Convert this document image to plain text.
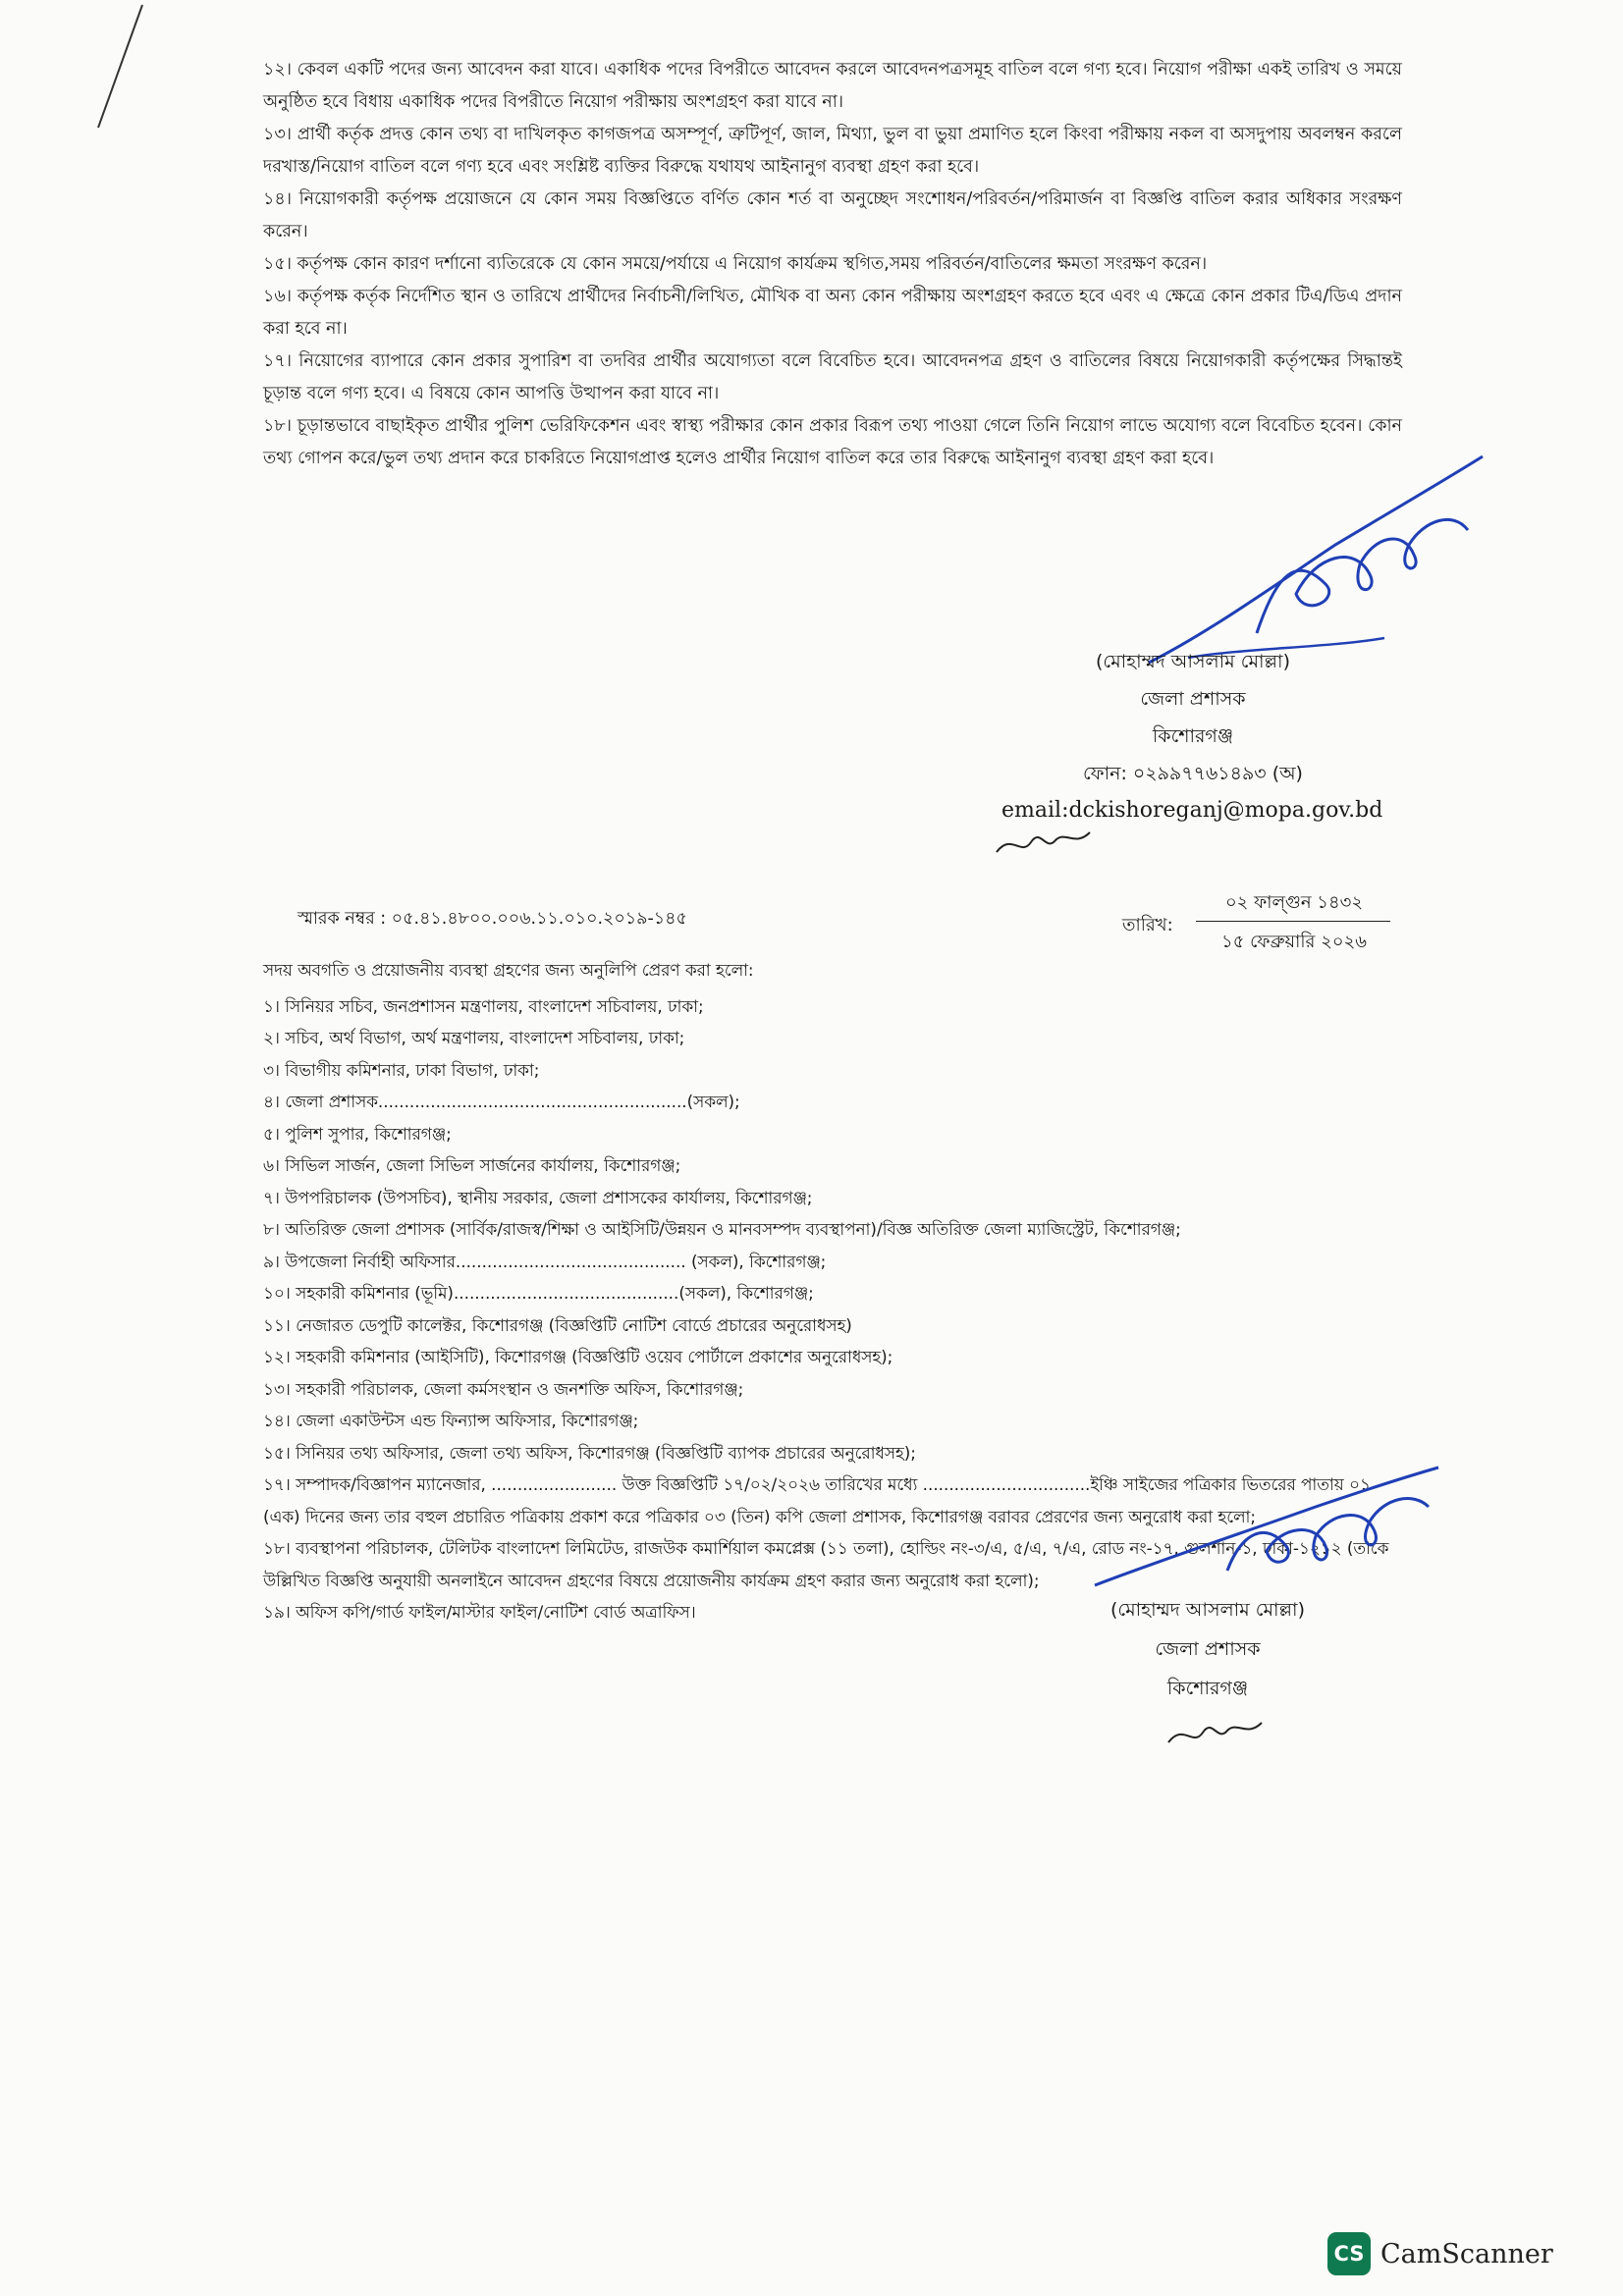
১২। কেবল একটি পদের জন্য আবেদন করা যাবে। একাধিক পদের বিপরীতে আবেদন করলে আবেদনপত্রসমূহ বাতিল বলে গণ্য হবে। নিয়োগ পরীক্ষা একই তারিখ ও সময়ে অনুষ্ঠিত হবে বিধায় একাধিক পদের বিপরীতে নিয়োগ পরীক্ষায় অংশগ্রহণ করা যাবে না।

১৩। প্রার্থী কর্তৃক প্রদত্ত কোন তথ্য বা দাখিলকৃত কাগজপত্র অসম্পূর্ণ, ত্রুটিপূর্ণ, জাল, মিথ্যা, ভুল বা ভুয়া প্রমাণিত হলে কিংবা পরীক্ষায় নকল বা অসদুপায় অবলম্বন করলে দরখাস্ত/নিয়োগ বাতিল বলে গণ্য হবে এবং সংশ্লিষ্ট ব্যক্তির বিরুদ্ধে যথাযথ আইনানুগ ব্যবস্থা গ্রহণ করা হবে।

১৪। নিয়োগকারী কর্তৃপক্ষ প্রয়োজনে যে কোন সময় বিজ্ঞপ্তিতে বর্ণিত কোন শর্ত বা অনুচ্ছেদ সংশোধন/পরিবর্তন/পরিমার্জন বা বিজ্ঞপ্তি বাতিল করার অধিকার সংরক্ষণ করেন।

১৫। কর্তৃপক্ষ কোন কারণ দর্শানো ব্যতিরেকে যে কোন সময়ে/পর্যায়ে এ নিয়োগ কার্যক্রম স্থগিত,সময় পরিবর্তন/বাতিলের ক্ষমতা সংরক্ষণ করেন।

১৬। কর্তৃপক্ষ কর্তৃক নির্দেশিত স্থান ও তারিখে প্রার্থীদের নির্বাচনী/লিখিত, মৌখিক বা অন্য কোন পরীক্ষায় অংশগ্রহণ করতে হবে এবং এ ক্ষেত্রে কোন প্রকার টিএ/ডিএ প্রদান করা হবে না।

১৭। নিয়োগের ব্যাপারে কোন প্রকার সুপারিশ বা তদবির প্রার্থীর অযোগ্যতা বলে বিবেচিত হবে। আবেদনপত্র গ্রহণ ও বাতিলের বিষয়ে নিয়োগকারী কর্তৃপক্ষের সিদ্ধান্তই চূড়ান্ত বলে গণ্য হবে। এ বিষয়ে কোন আপত্তি উত্থাপন করা যাবে না।

১৮। চূড়ান্তভাবে বাছাইকৃত প্রার্থীর পুলিশ ভেরিফিকেশন এবং স্বাস্থ্য পরীক্ষার কোন প্রকার বিরূপ তথ্য পাওয়া গেলে তিনি নিয়োগ লাভে অযোগ্য বলে বিবেচিত হবেন। কোন তথ্য গোপন করে/ভুল তথ্য প্রদান করে চাকরিতে নিয়োগপ্রাপ্ত হলেও প্রার্থীর নিয়োগ বাতিল করে তার বিরুদ্ধে আইনানুগ ব্যবস্থা গ্রহণ করা হবে।

(মোহাম্মদ আসলাম মোল্লা)
জেলা প্রশাসক
কিশোরগঞ্জ
ফোন: ০২৯৯৭৭৬১৪৯৩ (অ)
email:dckishoreganj@mopa.gov.bd
স্মারক নম্বর : ০৫.৪১.৪৮০০.০০৬.১১.০১০.২০১৯-১৪৫	তারিখ:
০২ ফাল্গুন ১৪৩২
১৫ ফেব্রুয়ারি ২০২৬

সদয় অবগতি ও প্রয়োজনীয় ব্যবস্থা গ্রহণের জন্য অনুলিপি প্রেরণ করা হলো:

১। সিনিয়র সচিব, জনপ্রশাসন মন্ত্রণালয়, বাংলাদেশ সচিবালয়, ঢাকা;

২। সচিব, অর্থ বিভাগ, অর্থ মন্ত্রণালয়, বাংলাদেশ সচিবালয়, ঢাকা;

৩। বিভাগীয় কমিশনার, ঢাকা বিভাগ, ঢাকা;

৪। জেলা প্রশাসক...........................................................(সকল);

৫। পুলিশ সুপার, কিশোরগঞ্জ;

৬। সিভিল সার্জন, জেলা সিভিল সার্জনের কার্যালয়, কিশোরগঞ্জ;

৭। উপপরিচালক (উপসচিব), স্থানীয় সরকার, জেলা প্রশাসকের কার্যালয়, কিশোরগঞ্জ;

৮। অতিরিক্ত জেলা প্রশাসক (সার্বিক/রাজস্ব/শিক্ষা ও আইসিটি/উন্নয়ন ও মানবসম্পদ ব্যবস্থাপনা)/বিজ্ঞ অতিরিক্ত জেলা ম্যাজিস্ট্রেট, কিশোরগঞ্জ;

৯। উপজেলা নির্বাহী অফিসার............................................ (সকল), কিশোরগঞ্জ;

১০। সহকারী কমিশনার (ভূমি)...........................................(সকল), কিশোরগঞ্জ;

১১। নেজারত ডেপুটি কালেক্টর, কিশোরগঞ্জ (বিজ্ঞপ্তিটি নোটিশ বোর্ডে প্রচারের অনুরোধসহ)

১২। সহকারী কমিশনার (আইসিটি), কিশোরগঞ্জ (বিজ্ঞপ্তিটি ওয়েব পোর্টালে প্রকাশের অনুরোধসহ);

১৩। সহকারী পরিচালক, জেলা কর্মসংস্থান ও জনশক্তি অফিস, কিশোরগঞ্জ;

১৪। জেলা একাউন্টস এন্ড ফিন্যান্স অফিসার, কিশোরগঞ্জ;

১৫। সিনিয়র তথ্য অফিসার, জেলা তথ্য অফিস, কিশোরগঞ্জ (বিজ্ঞপ্তিটি ব্যাপক প্রচারের অনুরোধসহ);

১৭। সম্পাদক/বিজ্ঞাপন ম্যানেজার, ........................ উক্ত বিজ্ঞপ্তিটি ১৭/০২/২০২৬ তারিখের মধ্যে ................................ইঞ্চি সাইজের পত্রিকার ভিতরের পাতায় ০১ (এক) দিনের জন্য তার বহুল প্রচারিত পত্রিকায় প্রকাশ করে পত্রিকার ০৩ (তিন) কপি জেলা প্রশাসক, কিশোরগঞ্জ বরাবর প্রেরণের জন্য অনুরোধ করা হলো;

১৮। ব্যবস্থাপনা পরিচালক, টেলিটক বাংলাদেশ লিমিটেড, রাজউক কমার্শিয়াল কমপ্লেক্স (১১ তলা), হোল্ডিং নং-৩/এ, ৫/এ, ৭/এ, রোড নং-১৭, গুলশান-১, ঢাকা-১২১২ (তাকে উল্লিখিত বিজ্ঞপ্তি অনুযায়ী অনলাইনে আবেদন গ্রহণের বিষয়ে প্রয়োজনীয় কার্যক্রম গ্রহণ করার জন্য অনুরোধ করা হলো);

১৯। অফিস কপি/গার্ড ফাইল/মাস্টার ফাইল/নোটিশ বোর্ড অত্রাফিস।	(মোহাম্মদ আসলাম মোল্লা)
জেলা প্রশাসক
কিশোরগঞ্জ
CS CamScanner
